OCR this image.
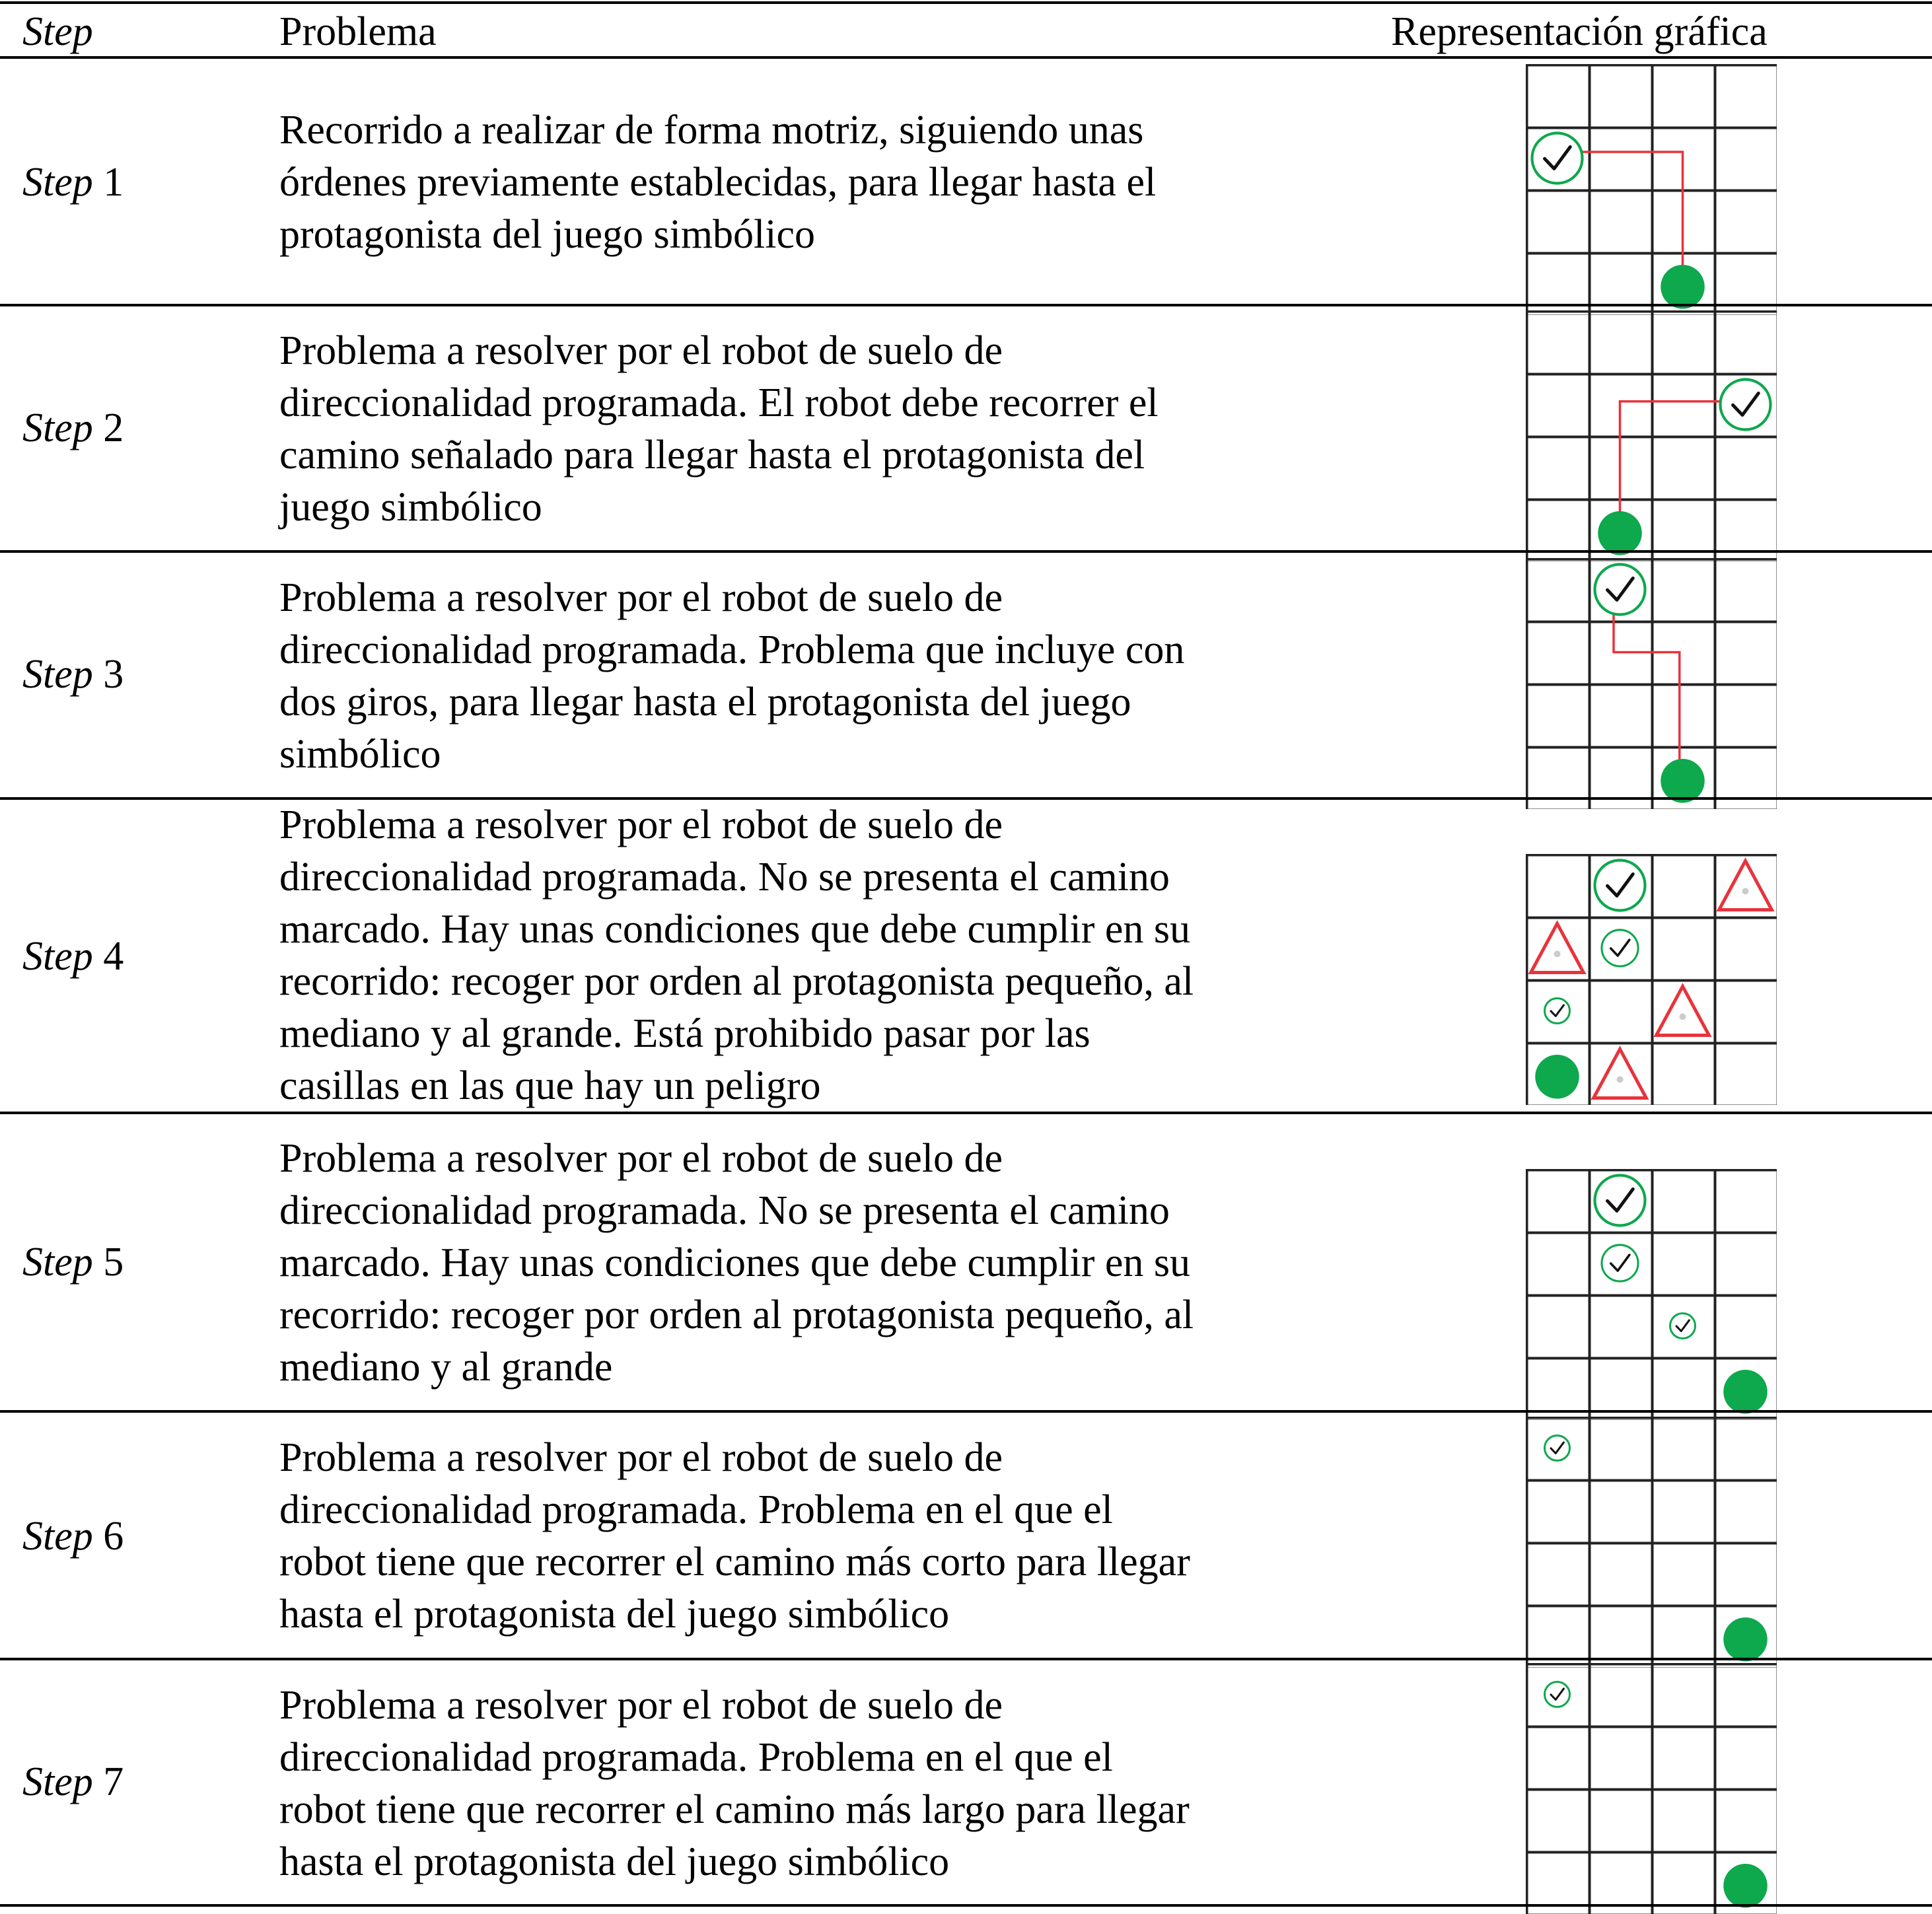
Step	Problema	Representación gráfica
Step 1
Recorrido a realizar de forma motriz, siguiendo unas
órdenes previamente establecidas, para llegar hasta el
protagonista del juego simbólico
Step 2
Problema a resolver por el robot de suelo de
direccionalidad programada. El robot debe recorrer el
camino señalado para llegar hasta el protagonista del
juego simbólico
Step 3
Problema a resolver por el robot de suelo de
direccionalidad programada. Problema que incluye con
dos giros, para llegar hasta el protagonista del juego
simbólico
Step 4
Problema a resolver por el robot de suelo de
direccionalidad programada. No se presenta el camino
marcado. Hay unas condiciones que debe cumplir en su
recorrido: recoger por orden al protagonista pequeño, al
mediano y al grande. Está prohibido pasar por las
casillas en las que hay un peligro
Step 5
Problema a resolver por el robot de suelo de
direccionalidad programada. No se presenta el camino
marcado. Hay unas condiciones que debe cumplir en su
recorrido: recoger por orden al protagonista pequeño, al
mediano y al grande
Step 6
Problema a resolver por el robot de suelo de
direccionalidad programada. Problema en el que el
robot tiene que recorrer el camino más corto para llegar
hasta el protagonista del juego simbólico
Step 7
Problema a resolver por el robot de suelo de
direccionalidad programada. Problema en el que el
robot tiene que recorrer el camino más largo para llegar
hasta el protagonista del juego simbólico
